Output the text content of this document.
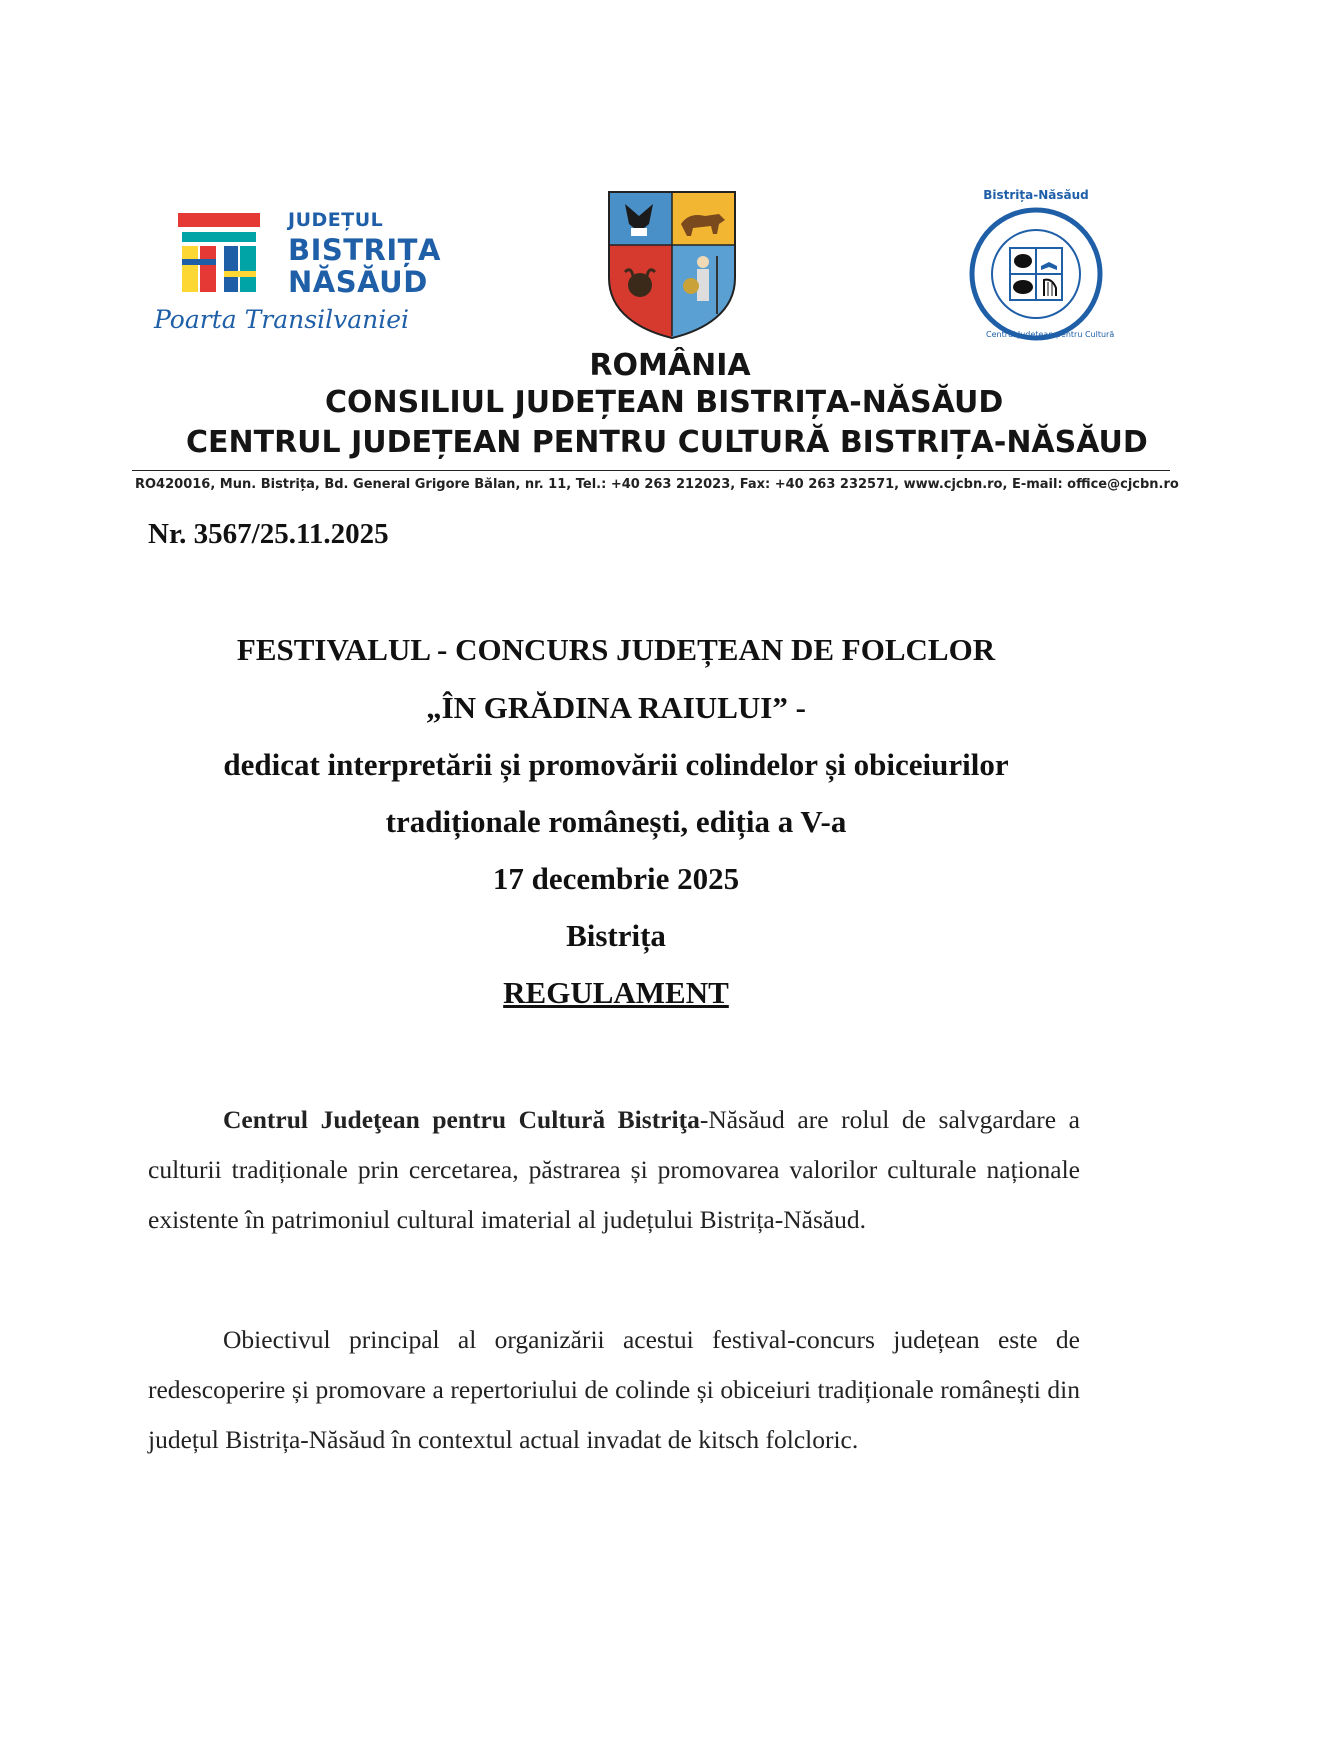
JUDEȚUL
BISTRIȚA
NĂSĂUD
Poarta Transilvaniei
Bistrița-Năsăud
Centrul Județean pentru Cultură
ROMÂNIA
CONSILIUL JUDEȚEAN BISTRIȚA-NĂSĂUD
CENTRUL JUDEȚEAN PENTRU CULTURĂ BISTRIȚA-NĂSĂUD
RO420016, Mun. Bistrița, Bd. General Grigore Bălan, nr. 11, Tel.: +40 263 212023, Fax: +40 263 232571, www.cjcbn.ro, E-mail: office@cjcbn.ro
Nr. 3567/25.11.2025
FESTIVALUL - CONCURS JUDEȚEAN DE FOLCLOR
„ÎN GRĂDINA RAIULUI” -
dedicat interpretării și promovării colindelor și obiceiurilor
tradiționale românești, ediția a V-a
17 decembrie 2025
Bistrița
REGULAMENT
Centrul Judeţean pentru Cultură Bistriţa-Năsăud are rolul de salvgardare a culturii tradiționale prin cercetarea, păstrarea și promovarea valorilor culturale naționale existente în patrimoniul cultural imaterial al județului Bistrița-Năsăud.
Obiectivul principal al organizării acestui festival-concurs județean este de redescoperire și promovare a repertoriului de colinde și obiceiuri tradiționale românești din județul Bistrița-Năsăud în contextul actual invadat de kitsch folcloric.
